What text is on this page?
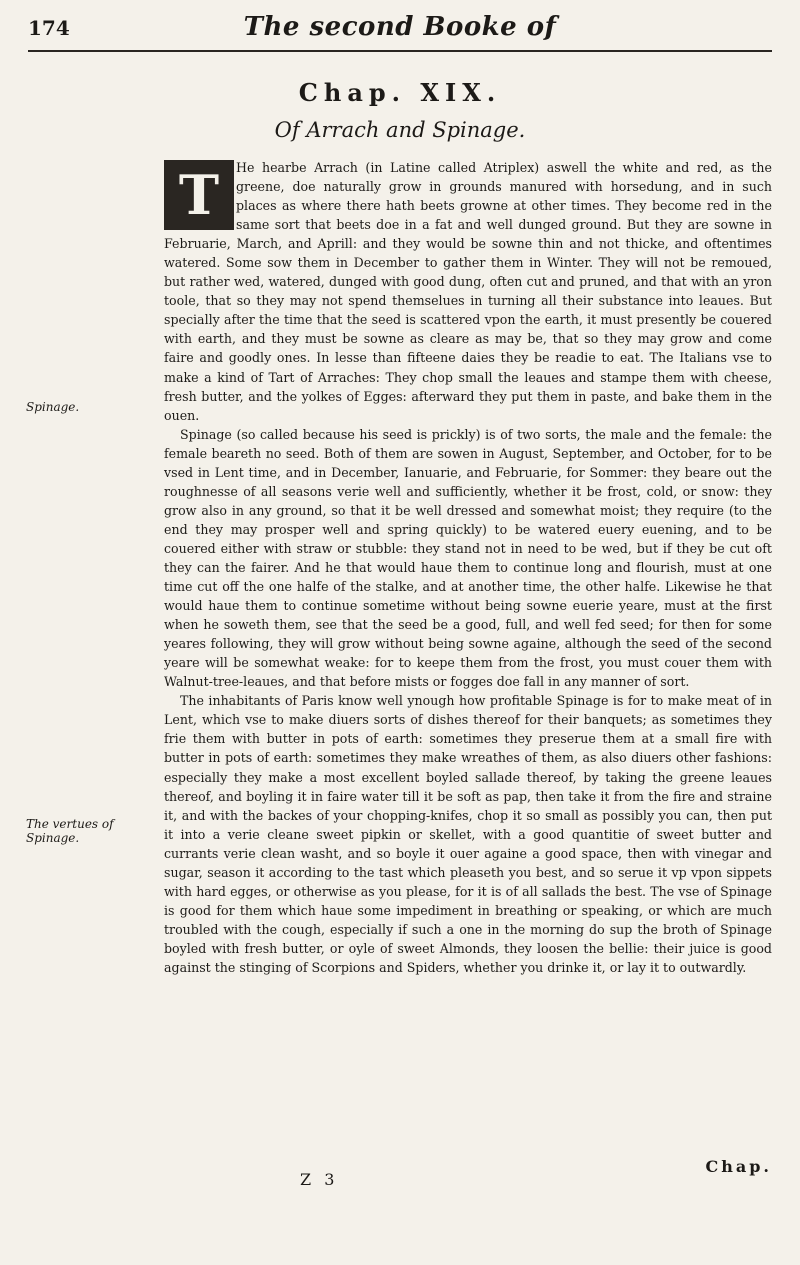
174	The second Booke of
Chap. XIX.
Of Arrach and Spinage.
T	He hearbe Arrach (in Latine called Atriplex) aswell the white and red, as the greene, doe naturally grow in grounds manured with horsedung, and in such places as where there hath beets growne at other times. They become red in the same sort that beets doe in a fat and well dunged ground. But they are sowne in Februarie, March, and Aprill: and they would be sowne thin and not thicke, and oftentimes watered. Some sow them in December to gather them in Winter. They will not be remoued, but rather wed, watered, dunged with good dung, often cut and pruned, and that with an yron toole, that so they may not spend themselues in turning all their substance into leaues. But specially after the time that the seed is scattered vpon the earth, it must presently be couered with earth, and they must be sowne as cleare as may be, that so they may grow and come faire and goodly ones. In lesse than fifteene daies they be readie to eat. The Italians vse to make a kind of Tart of Arraches: They chop small the leaues and stampe them with cheese, fresh butter, and the yolkes of Egges: afterward they put them in paste, and bake them in the ouen.

Spinage (so called because his seed is prickly) is of two sorts, the male and the female: the female beareth no seed. Both of them are sowen in August, September, and October, for to be vsed in Lent time, and in December, Ianuarie, and Februarie, for Sommer: they beare out the roughnesse of all seasons verie well and sufficiently, whether it be frost, cold, or snow: they grow also in any ground, so that it be well dressed and somewhat moist; they require (to the end they may prosper well and spring quickly) to be watered euery euening, and to be couered either with straw or stubble: they stand not in need to be wed, but if they be cut oft they can the fairer. And he that would haue them to continue long and flourish, must at one time cut off the one halfe of the stalke, and at another time, the other halfe. Likewise he that would haue them to continue sometime without being sowne euerie yeare, must at the first when he soweth them, see that the seed be a good, full, and well fed seed; for then for some yeares following, they will grow without being sowne againe, although the seed of the second yeare will be somewhat weake: for to keepe them from the frost, you must couer them with Walnut-tree-leaues, and that before mists or fogges doe fall in any manner of sort.

The inhabitants of Paris know well ynough how profitable Spinage is for to make meat of in Lent, which vse to make diuers sorts of dishes thereof for their banquets; as sometimes they frie them with butter in pots of earth: sometimes they preserue them at a small fire with butter in pots of earth: sometimes they make wreathes of them, as also diuers other fashions: especially they make a most excellent boyled sallade thereof, by taking the greene leaues thereof, and boyling it in faire water till it be soft as pap, then take it from the fire and straine it, and with the backes of your chopping-knifes, chop it so small as possibly you can, then put it into a verie cleane sweet pipkin or skellet, with a good quantitie of sweet butter and currants verie clean washt, and so boyle it ouer againe a good space, then with vinegar and sugar, season it according to the tast which pleaseth you best, and so serue it vp vpon sippets with hard egges, or otherwise as you please, for it is of all sallads the best. The vse of Spinage is good for them which haue some impediment in breathing or speaking, or which are much troubled with the cough, especially if such a one in the morning do sup the broth of Spinage boyled with fresh butter, or oyle of sweet Almonds, they loosen the bellie: their juice is good against the stinging of Scorpions and Spiders, whether you drinke it, or lay it to outwardly.

Spinage.
The vertues of Spinage.
Chap.
Z 3
